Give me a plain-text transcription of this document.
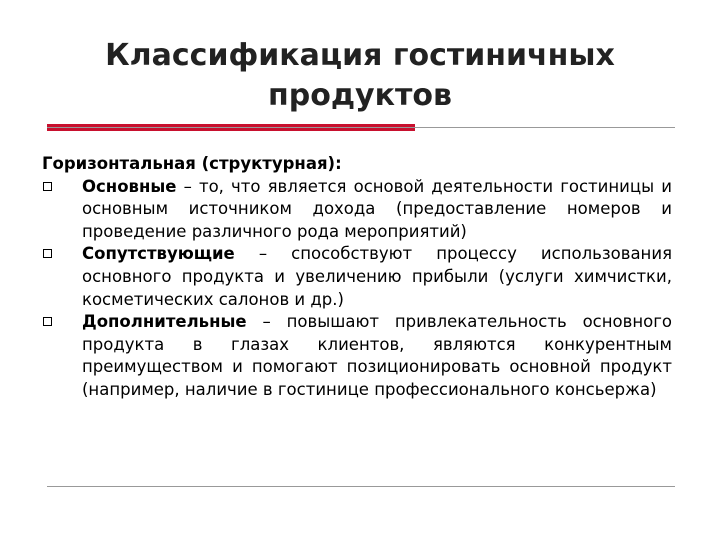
Классификация гостиничных
продуктов
Горизонтальная (структурная):
Основные – то, что является основой деятельности гостиницы и основным источником дохода (предоставление номеров и проведение различного рода мероприятий)
Сопутствующие – способствуют процессу использования основного продукта и увеличению прибыли (услуги химчистки, косметических салонов и др.)
Дополнительные – повышают привлекательность основного продукта в глазах клиентов, являются конкурентным преимуществом и помогают позиционировать основной продукт (например, наличие в гостинице профессионального консьержа)
